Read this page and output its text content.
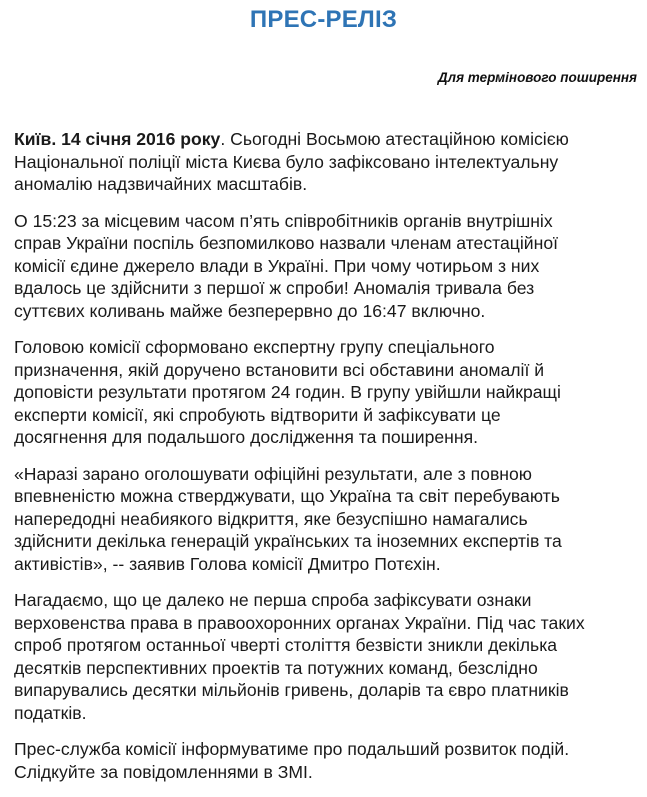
ПРЕС-РЕЛІЗ
Для термінового поширення

Київ. 14 січня 2016 року. Сьогодні Восьмою атестаційною комісією
Національної поліції міста Києва було зафіксовано інтелектуальну
аномалію надзвичайних масштабів.

О 15:23 за місцевим часом п’ять співробітників органів внутрішніх
справ України поспіль безпомилково назвали членам атестаційної
комісії єдине джерело влади в Україні. При чому чотирьом з них
вдалось це здійснити з першої ж спроби! Аномалія тривала без
суттєвих коливань майже безперервно до 16:47 включно.

Головою комісії сформовано експертну групу спеціального
призначення, якій доручено встановити всі обставини аномалії й
доповісти результати протягом 24 годин. В групу увійшли найкращі
експерти комісії, які спробують відтворити й зафіксувати це
досягнення для подальшого дослідження та поширення.

«Наразі зарано оголошувати офіційні результати, але з повною
впевненістю можна стверджувати, що Україна та світ перебувають
напередодні неабиякого відкриття, яке безуспішно намагались
здійснити декілька генерацій українських та іноземних експертів та
активістів», -- заявив Голова комісії Дмитро Потєхін.

Нагадаємо, що це далеко не перша спроба зафіксувати ознаки
верховенства права в правоохоронних органах України. Під час таких
спроб протягом останньої чверті століття безвісти зникли декілька
десятків перспективних проектів та потужних команд, безслідно
випарувались десятки мільйонів гривень, доларів та євро платників
податків.

Прес-служба комісії інформуватиме про подальший розвиток подій.
Слідкуйте за повідомленнями в ЗМІ.
